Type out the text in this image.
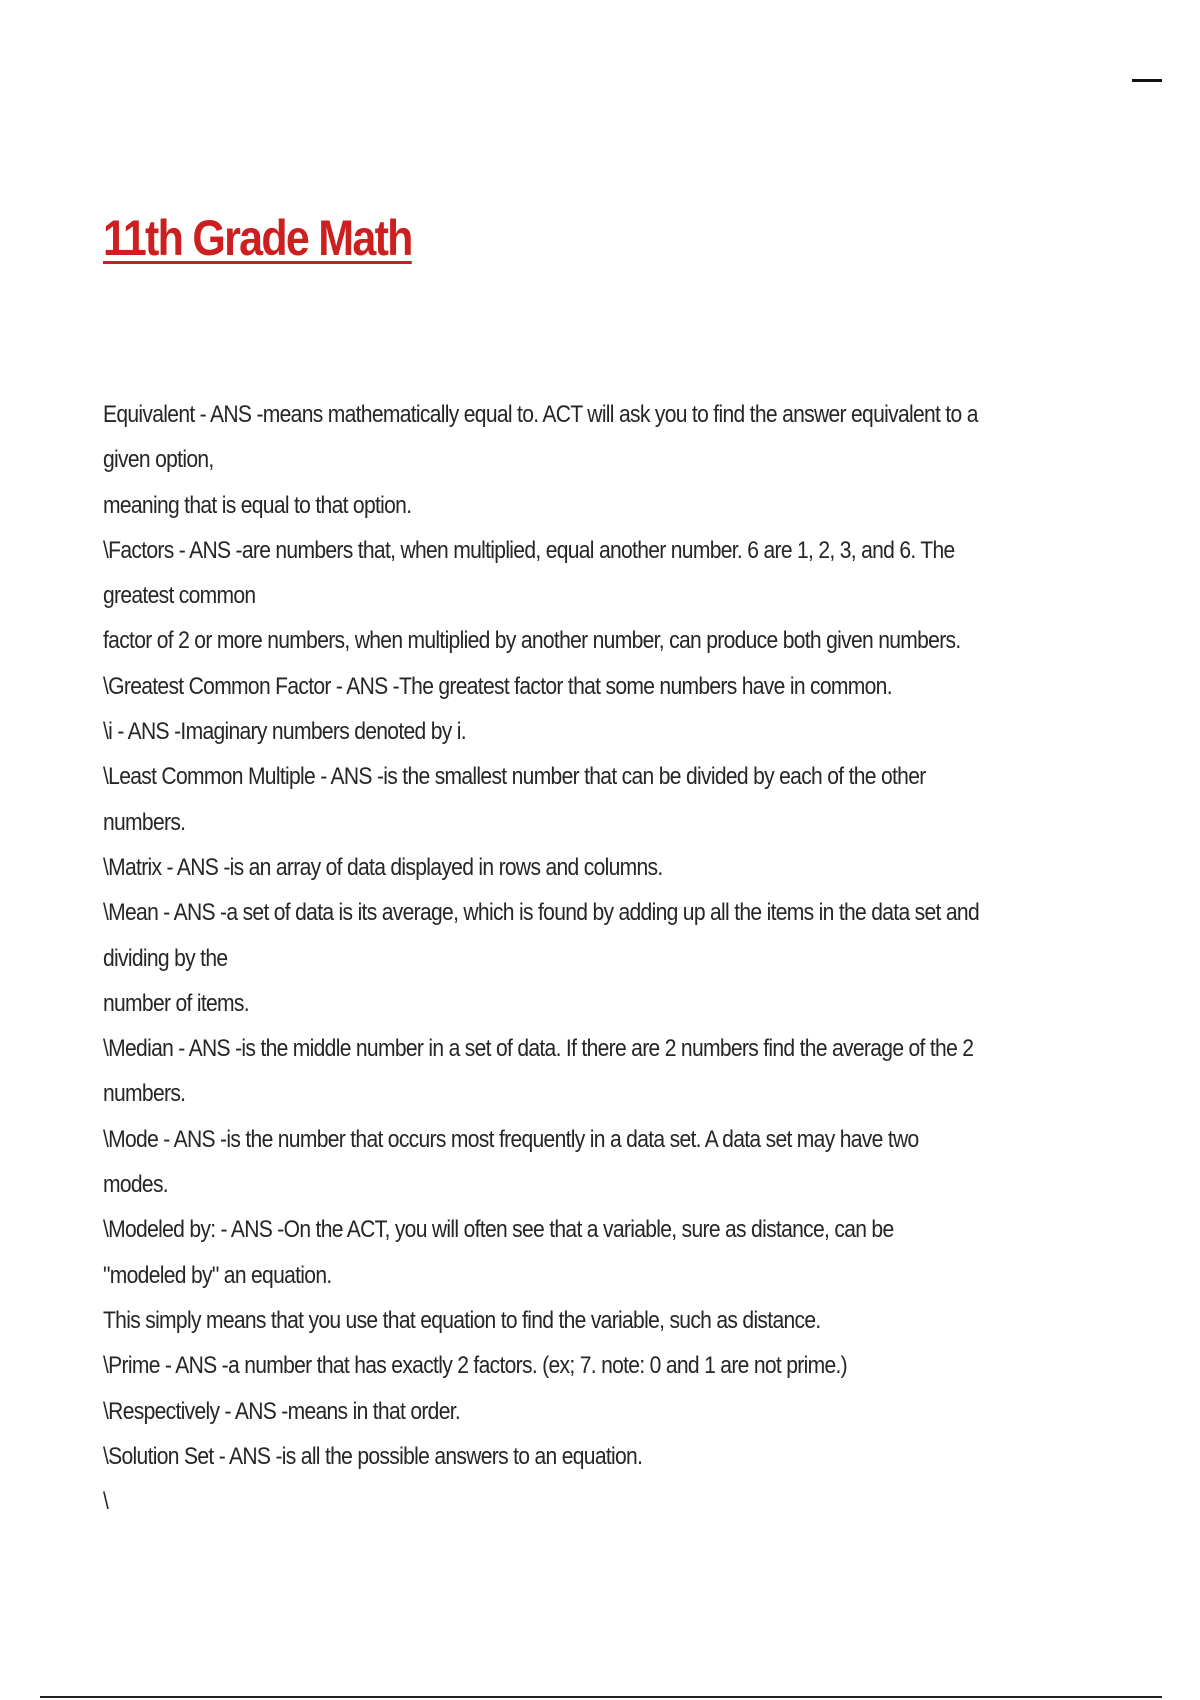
11th Grade Math
Equivalent - ANS -means mathematically equal to. ACT will ask you to find the answer equivalent to a given option,
meaning that is equal to that option.
\Factors - ANS -are numbers that, when multiplied, equal another number. 6 are 1, 2, 3, and 6. The greatest common
factor of 2 or more numbers, when multiplied by another number, can produce both given numbers.
\Greatest Common Factor - ANS -The greatest factor that some numbers have in common.
\i - ANS -Imaginary numbers denoted by i.
\Least Common Multiple - ANS -is the smallest number that can be divided by each of the other numbers.
\Matrix - ANS -is an array of data displayed in rows and columns.
\Mean - ANS -a set of data is its average, which is found by adding up all the items in the data set and dividing by the
number of items.
\Median - ANS -is the middle number in a set of data. If there are 2 numbers find the average of the 2 numbers.
\Mode - ANS -is the number that occurs most frequently in a data set. A data set may have two modes.
\Modeled by: - ANS -On the ACT, you will often see that a variable, sure as distance, can be "modeled by" an equation.
This simply means that you use that equation to find the variable, such as distance.
\Prime - ANS -a number that has exactly 2 factors. (ex; 7. note: 0 and 1 are not prime.)
\Respectively - ANS -means in that order.
\Solution Set - ANS -is all the possible answers to an equation.
\
